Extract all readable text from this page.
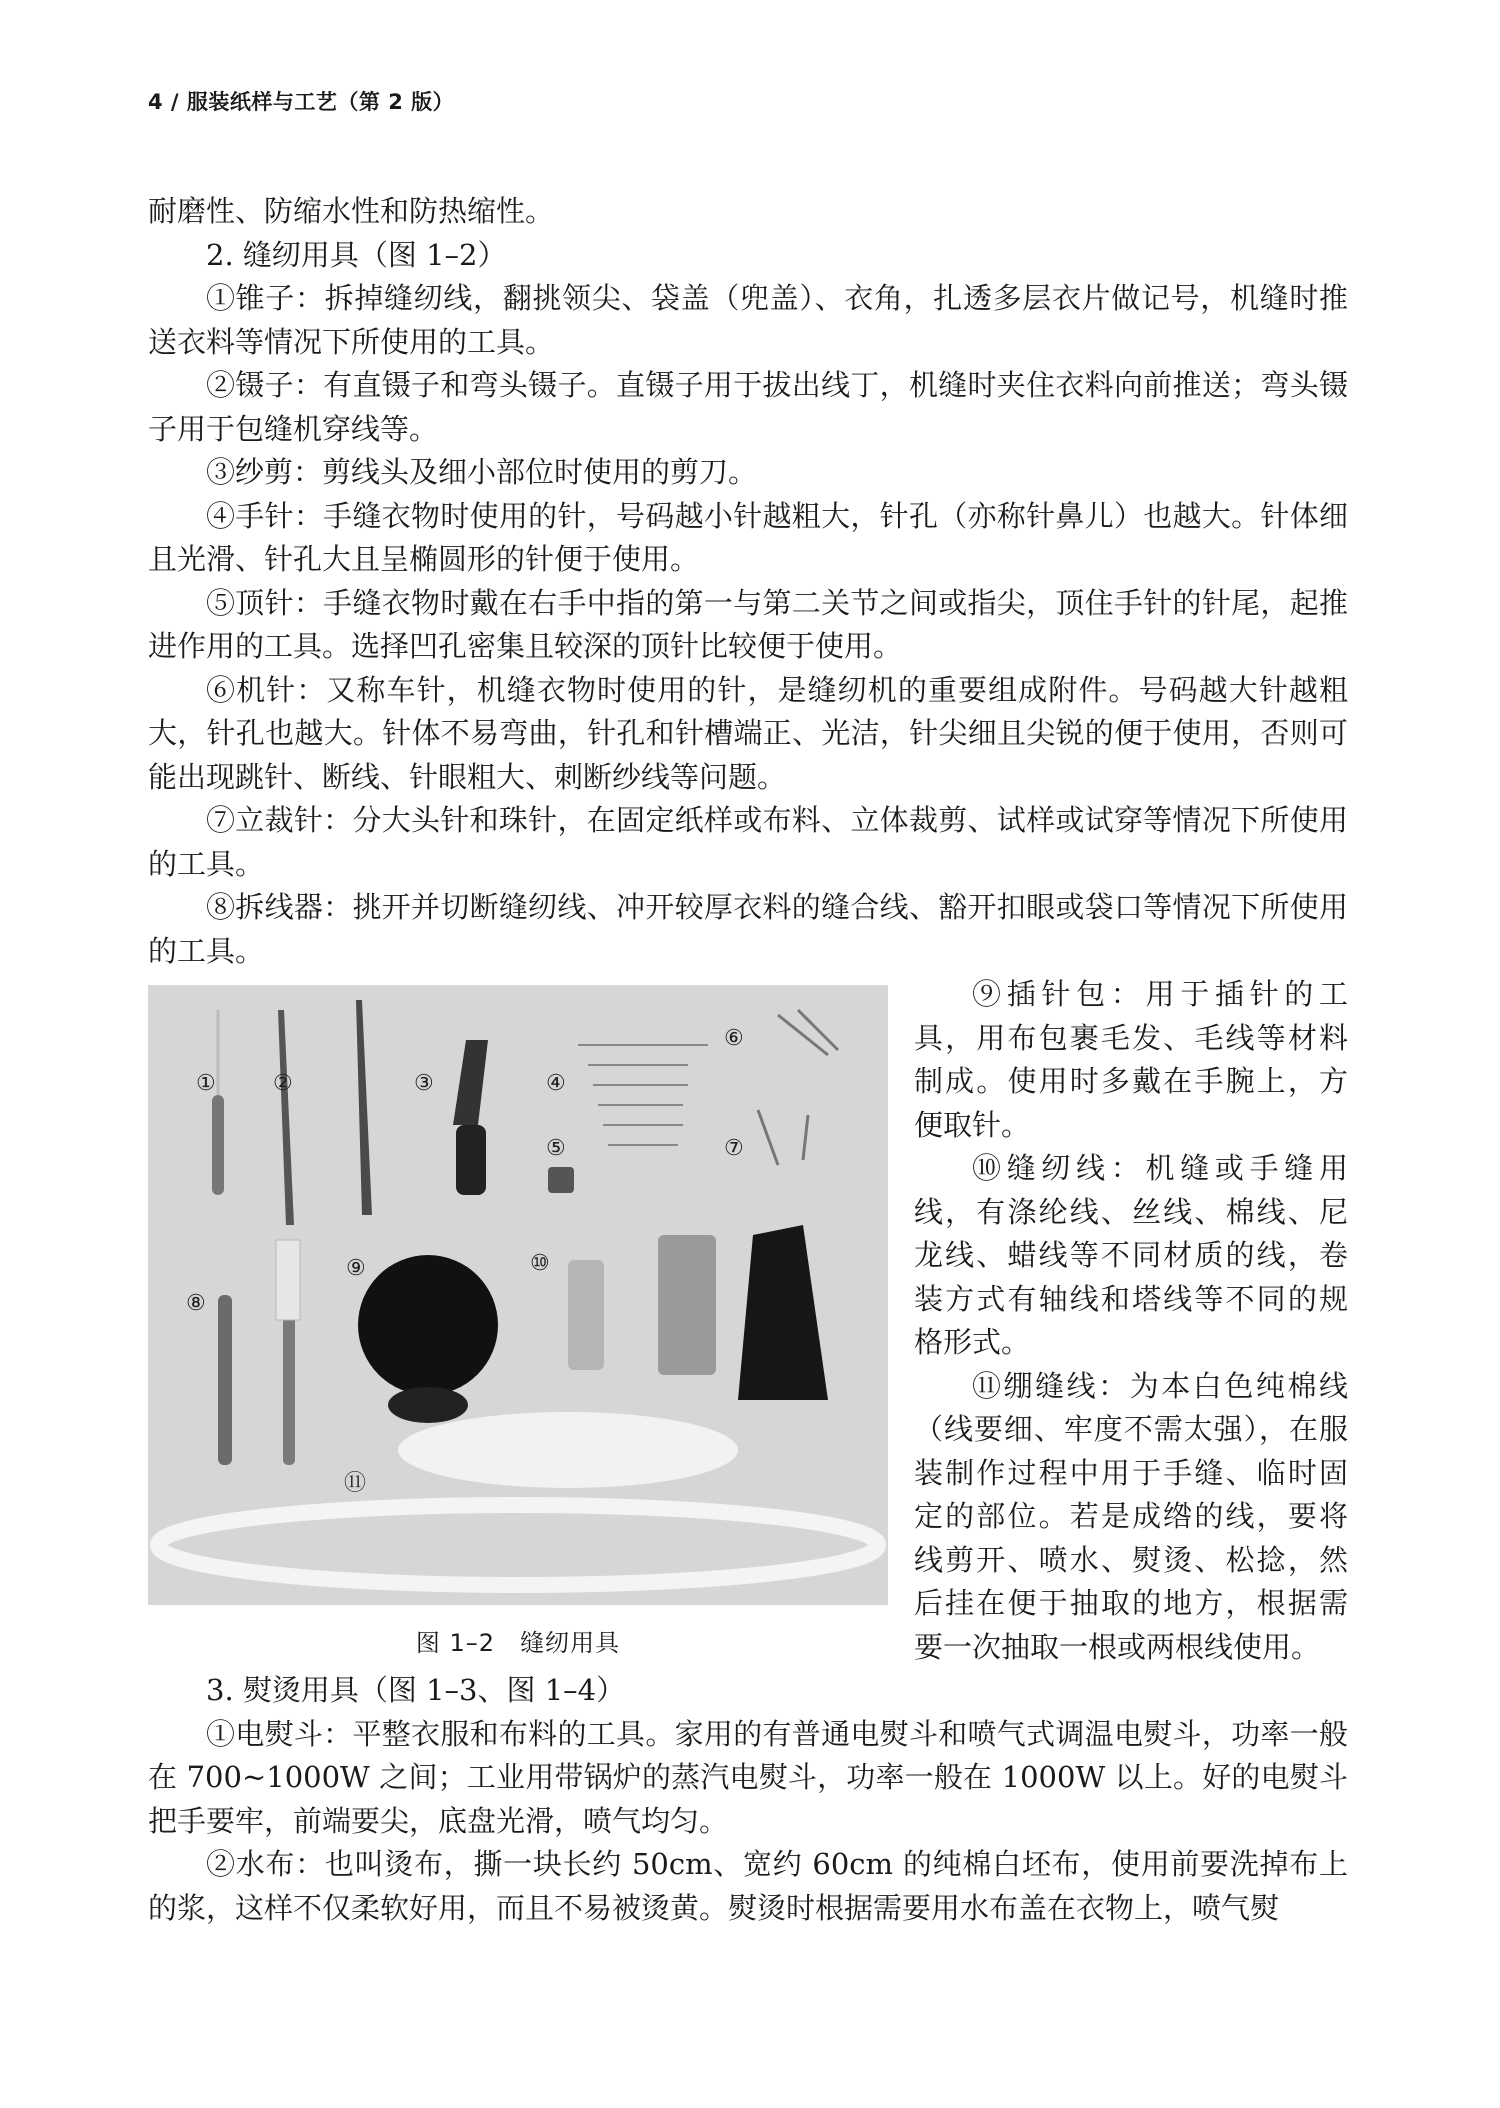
4 / 服装纸样与工艺（第 2 版）

耐磨性、防缩水性和防热缩性。

2. 缝纫用具（图 1–2）

①锥子：拆掉缝纫线，翻挑领尖、袋盖（兜盖）、衣角，扎透多层衣片做记号，机缝时推送衣料等情况下所使用的工具。

②镊子：有直镊子和弯头镊子。直镊子用于拔出线丁，机缝时夹住衣料向前推送；弯头镊子用于包缝机穿线等。

③纱剪：剪线头及细小部位时使用的剪刀。

④手针：手缝衣物时使用的针，号码越小针越粗大，针孔（亦称针鼻儿）也越大。针体细且光滑、针孔大且呈椭圆形的针便于使用。

⑤顶针：手缝衣物时戴在右手中指的第一与第二关节之间或指尖，顶住手针的针尾，起推进作用的工具。选择凹孔密集且较深的顶针比较便于使用。

⑥机针：又称车针，机缝衣物时使用的针，是缝纫机的重要组成附件。号码越大针越粗大，针孔也越大。针体不易弯曲，针孔和针槽端正、光洁，针尖细且尖锐的便于使用，否则可能出现跳针、断线、针眼粗大、刺断纱线等问题。

⑦立裁针：分大头针和珠针，在固定纸样或布料、立体裁剪、试样或试穿等情况下所使用的工具。

⑧拆线器：挑开并切断缝纫线、冲开较厚衣料的缝合线、豁开扣眼或袋口等情况下所使用的工具。

①	②	③	④
⑤
⑥
⑦
⑧
⑨	⑩
⑪
图 1–2　缝纫用具

⑨插针包：用于插针的工具，用布包裹毛发、毛线等材料制成。使用时多戴在手腕上，方便取针。

⑩缝纫线：机缝或手缝用线，有涤纶线、丝线、棉线、尼龙线、蜡线等不同材质的线，卷装方式有轴线和塔线等不同的规格形式。

⑪绷缝线：为本白色纯棉线（线要细、牢度不需太强），在服装制作过程中用于手缝、临时固定的部位。若是成绺的线，要将线剪开、喷水、熨烫、松捻，然后挂在便于抽取的地方，根据需要一次抽取一根或两根线使用。

3. 熨烫用具（图 1–3、图 1–4）

①电熨斗：平整衣服和布料的工具。家用的有普通电熨斗和喷气式调温电熨斗，功率一般在 700~1000W 之间；工业用带锅炉的蒸汽电熨斗，功率一般在 1000W 以上。好的电熨斗把手要牢，前端要尖，底盘光滑，喷气均匀。

②水布：也叫烫布，撕一块长约 50cm、宽约 60cm 的纯棉白坯布，使用前要洗掉布上的浆，这样不仅柔软好用，而且不易被烫黄。熨烫时根据需要用水布盖在衣物上，喷气熨
